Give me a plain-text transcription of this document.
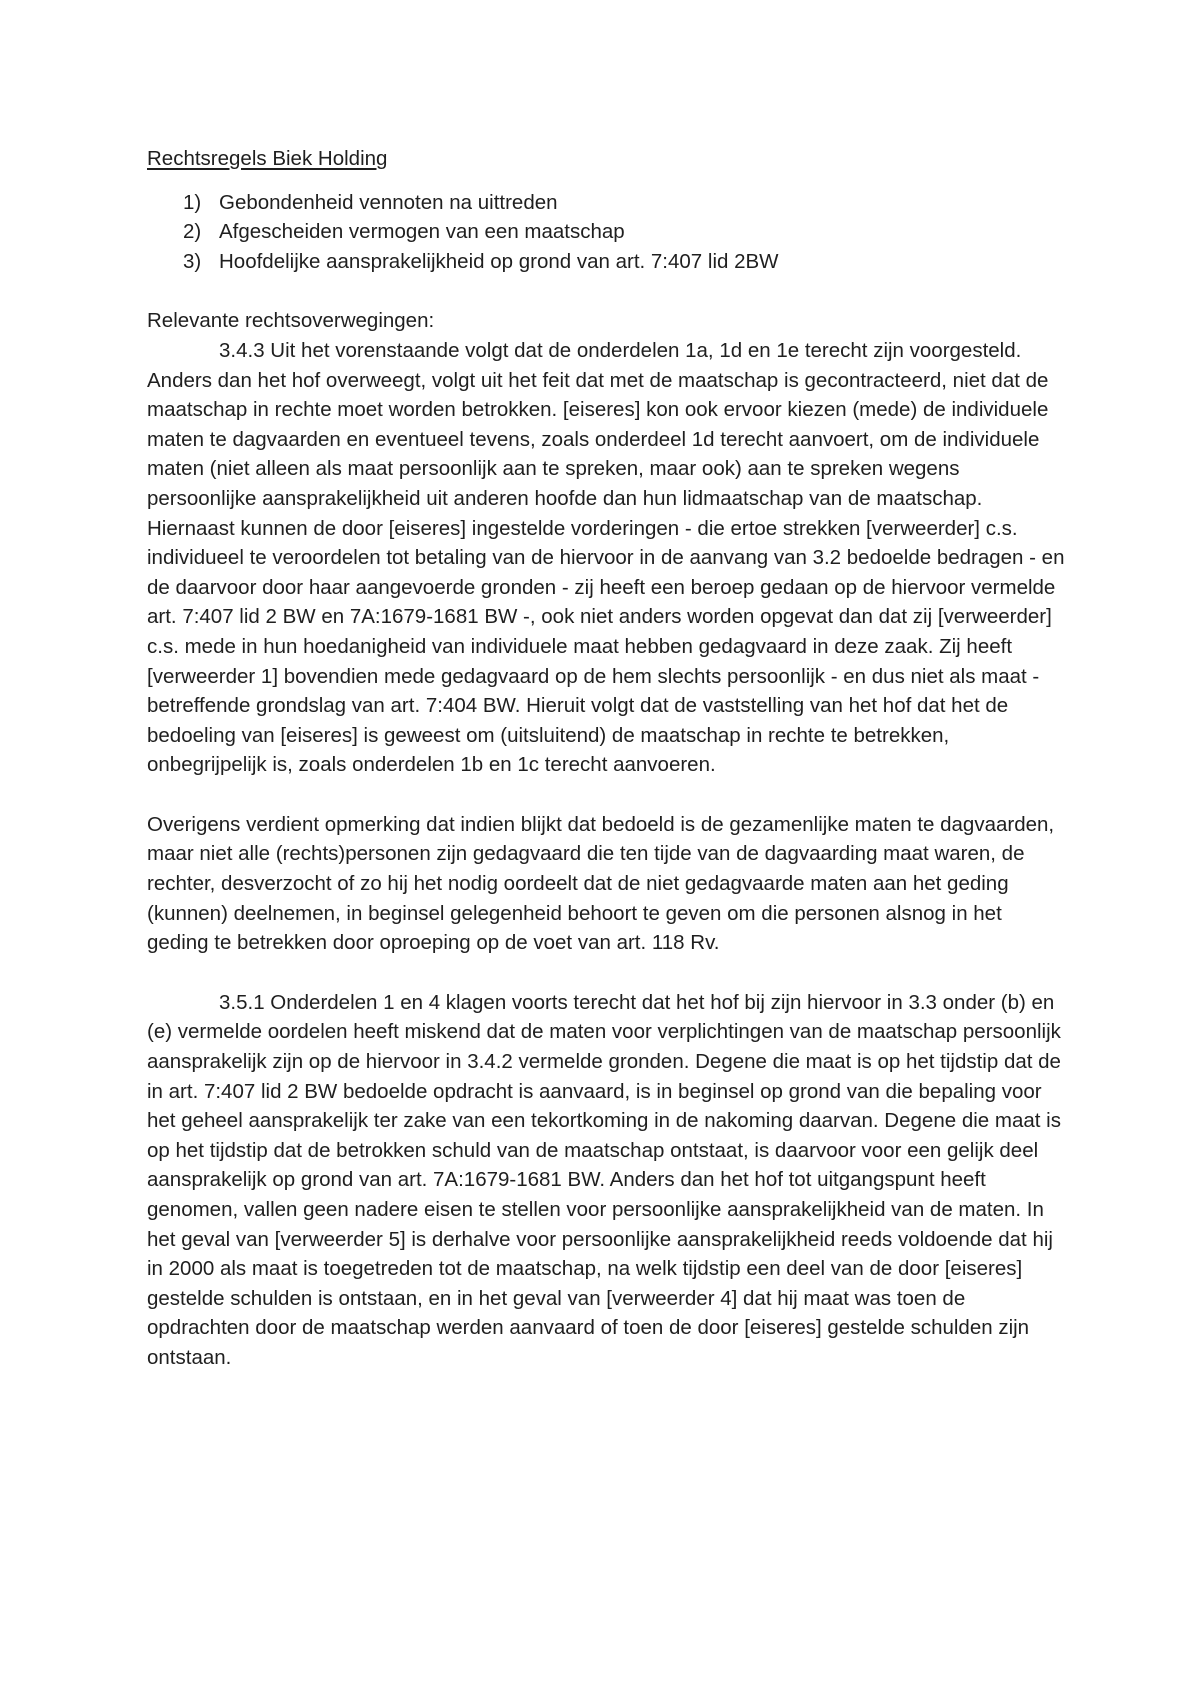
Rechtsregels Biek Holding

1) Gebondenheid vennoten na uittreden
2) Afgescheiden vermogen van een maatschap
3) Hoofdelijke aansprakelijkheid op grond van art. 7:407 lid 2BW

Relevante rechtsoverwegingen:

3.4.3 Uit het vorenstaande volgt dat de onderdelen 1a, 1d en 1e terecht zijn voorgesteld. Anders dan het hof overweegt, volgt uit het feit dat met de maatschap is gecontracteerd, niet dat de maatschap in rechte moet worden betrokken. [eiseres] kon ook ervoor kiezen (mede) de individuele maten te dagvaarden en eventueel tevens, zoals onderdeel 1d terecht aanvoert, om de individuele maten (niet alleen als maat persoonlijk aan te spreken, maar ook) aan te spreken wegens persoonlijke aansprakelijkheid uit anderen hoofde dan hun lidmaatschap van de maatschap. Hiernaast kunnen de door [eiseres] ingestelde vorderingen - die ertoe strekken [verweerder] c.s. individueel te veroordelen tot betaling van de hiervoor in de aanvang van 3.2 bedoelde bedragen - en de daarvoor door haar aangevoerde gronden - zij heeft een beroep gedaan op de hiervoor vermelde art. 7:407 lid 2 BW en 7A:1679-1681 BW -, ook niet anders worden opgevat dan dat zij [verweerder] c.s. mede in hun hoedanigheid van individuele maat hebben gedagvaard in deze zaak. Zij heeft [verweerder 1] bovendien mede gedagvaard op de hem slechts persoonlijk - en dus niet als maat - betreffende grondslag van art. 7:404 BW. Hieruit volgt dat de vaststelling van het hof dat het de bedoeling van [eiseres] is geweest om (uitsluitend) de maatschap in rechte te betrekken, onbegrijpelijk is, zoals onderdelen 1b en 1c terecht aanvoeren.

Overigens verdient opmerking dat indien blijkt dat bedoeld is de gezamenlijke maten te dagvaarden, maar niet alle (rechts)personen zijn gedagvaard die ten tijde van de dagvaarding maat waren, de rechter, desverzocht of zo hij het nodig oordeelt dat de niet gedagvaarde maten aan het geding (kunnen) deelnemen, in beginsel gelegenheid behoort te geven om die personen alsnog in het geding te betrekken door oproeping op de voet van art. 118 Rv.

3.5.1 Onderdelen 1 en 4 klagen voorts terecht dat het hof bij zijn hiervoor in 3.3 onder (b) en (e) vermelde oordelen heeft miskend dat de maten voor verplichtingen van de maatschap persoonlijk aansprakelijk zijn op de hiervoor in 3.4.2 vermelde gronden. Degene die maat is op het tijdstip dat de in art. 7:407 lid 2 BW bedoelde opdracht is aanvaard, is in beginsel op grond van die bepaling voor het geheel aansprakelijk ter zake van een tekortkoming in de nakoming daarvan. Degene die maat is op het tijdstip dat de betrokken schuld van de maatschap ontstaat, is daarvoor voor een gelijk deel aansprakelijk op grond van art. 7A:1679-1681 BW. Anders dan het hof tot uitgangspunt heeft genomen, vallen geen nadere eisen te stellen voor persoonlijke aansprakelijkheid van de maten. In het geval van [verweerder 5] is derhalve voor persoonlijke aansprakelijkheid reeds voldoende dat hij in 2000 als maat is toegetreden tot de maatschap, na welk tijdstip een deel van de door [eiseres] gestelde schulden is ontstaan, en in het geval van [verweerder 4] dat hij maat was toen de opdrachten door de maatschap werden aanvaard of toen de door [eiseres] gestelde schulden zijn ontstaan.
